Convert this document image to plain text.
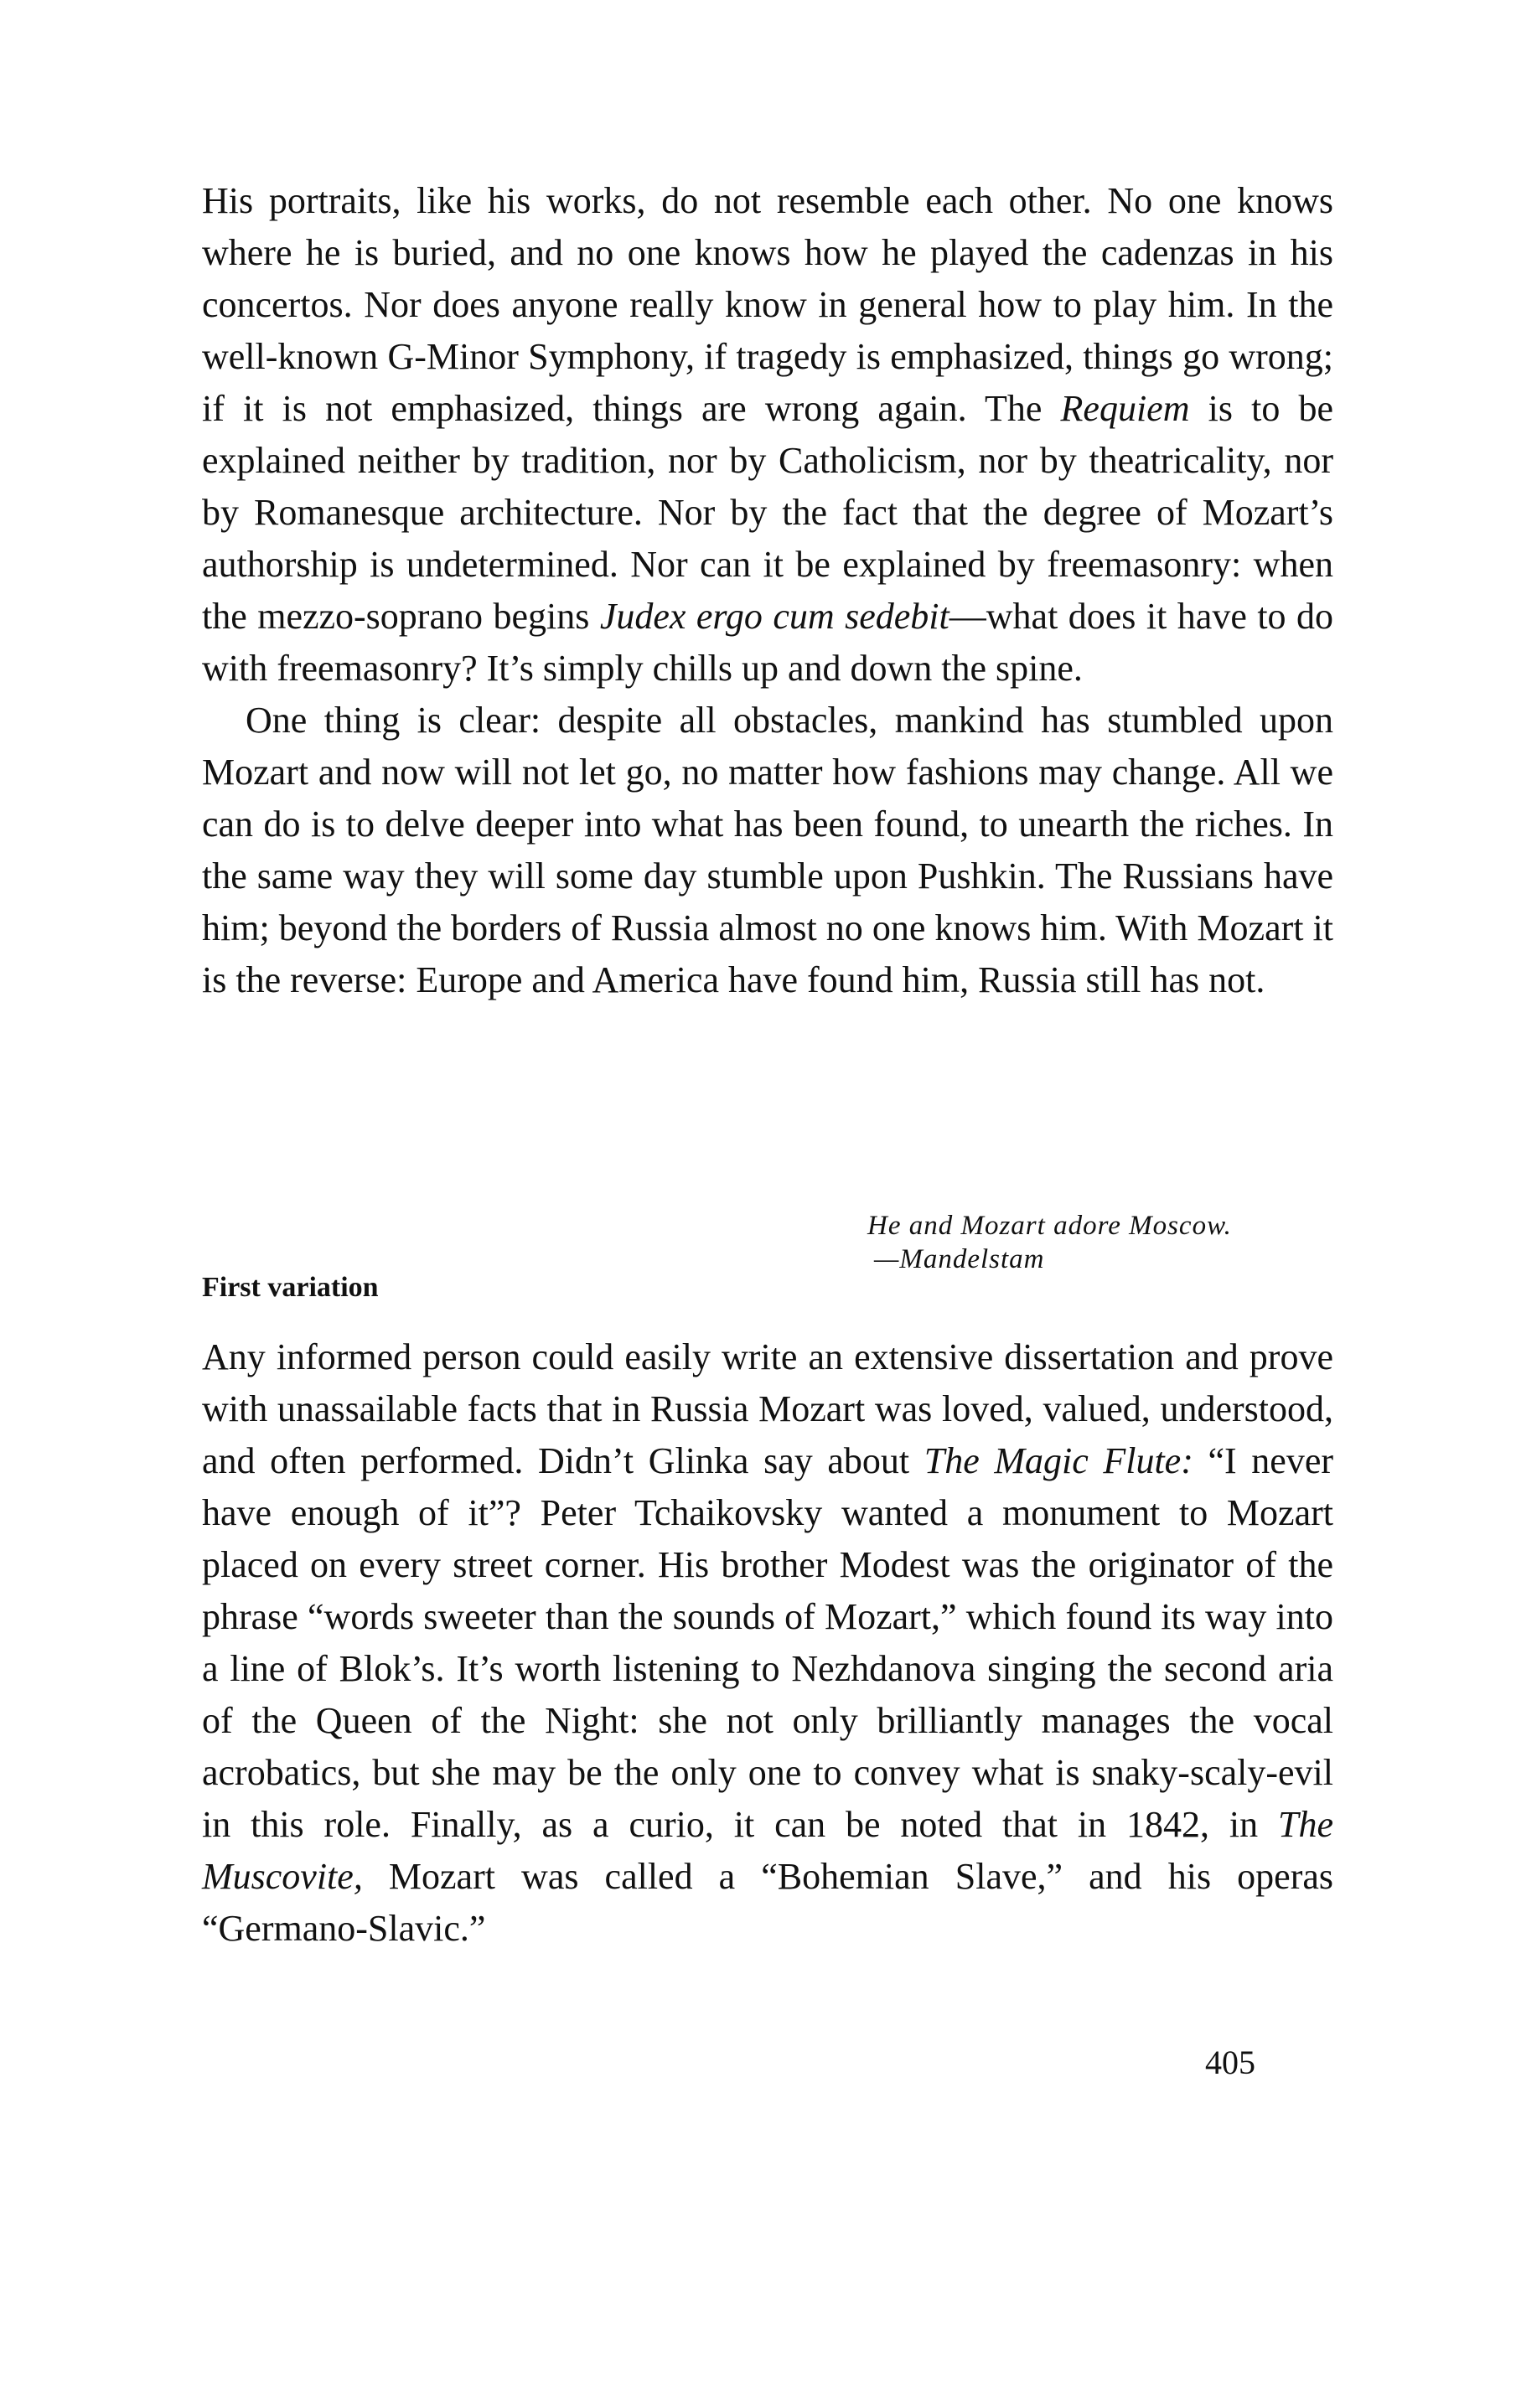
His portraits, like his works, do not resemble each other. No one knows where he is buried, and no one knows how he played the cadenzas in his concertos. Nor does anyone really know in general how to play him. In the well-known G-Minor Symphony, if tragedy is emphasized, things go wrong; if it is not emphasized, things are wrong again. The Requiem is to be explained neither by tradition, nor by Catholicism, nor by theatricality, nor by Romanesque architecture. Nor by the fact that the degree of Mozart’s authorship is undetermined. Nor can it be explained by freemasonry: when the mezzo-soprano begins Judex ergo cum sedebit—what does it have to do with freemasonry? It’s simply chills up and down the spine.

One thing is clear: despite all obstacles, mankind has stumbled upon Mozart and now will not let go, no matter how fashions may change. All we can do is to delve deeper into what has been found, to unearth the riches. In the same way they will some day stumble upon Pushkin. The Russians have him; beyond the borders of Russia almost no one knows him. With Mozart it is the reverse: Europe and America have found him, Russia still has not.

He and Mozart adore Moscow.
—Mandelstam
First variation

Any informed person could easily write an extensive dissertation and prove with unassailable facts that in Russia Mozart was loved, valued, understood, and often performed. Didn’t Glinka say about The Magic Flute: “I never have enough of it”? Peter Tchaikovsky wanted a monument to Mozart placed on every street corner. His brother Modest was the originator of the phrase “words sweeter than the sounds of Mozart,” which found its way into a line of Blok’s. It’s worth listening to Nezhdanova singing the second aria of the Queen of the Night: she not only brilliantly manages the vocal acrobatics, but she may be the only one to convey what is snaky-scaly-evil in this role. Finally, as a curio, it can be noted that in 1842, in The Muscovite, Mozart was called a “Bohemian Slave,” and his operas “Germano-Slavic.”

405
